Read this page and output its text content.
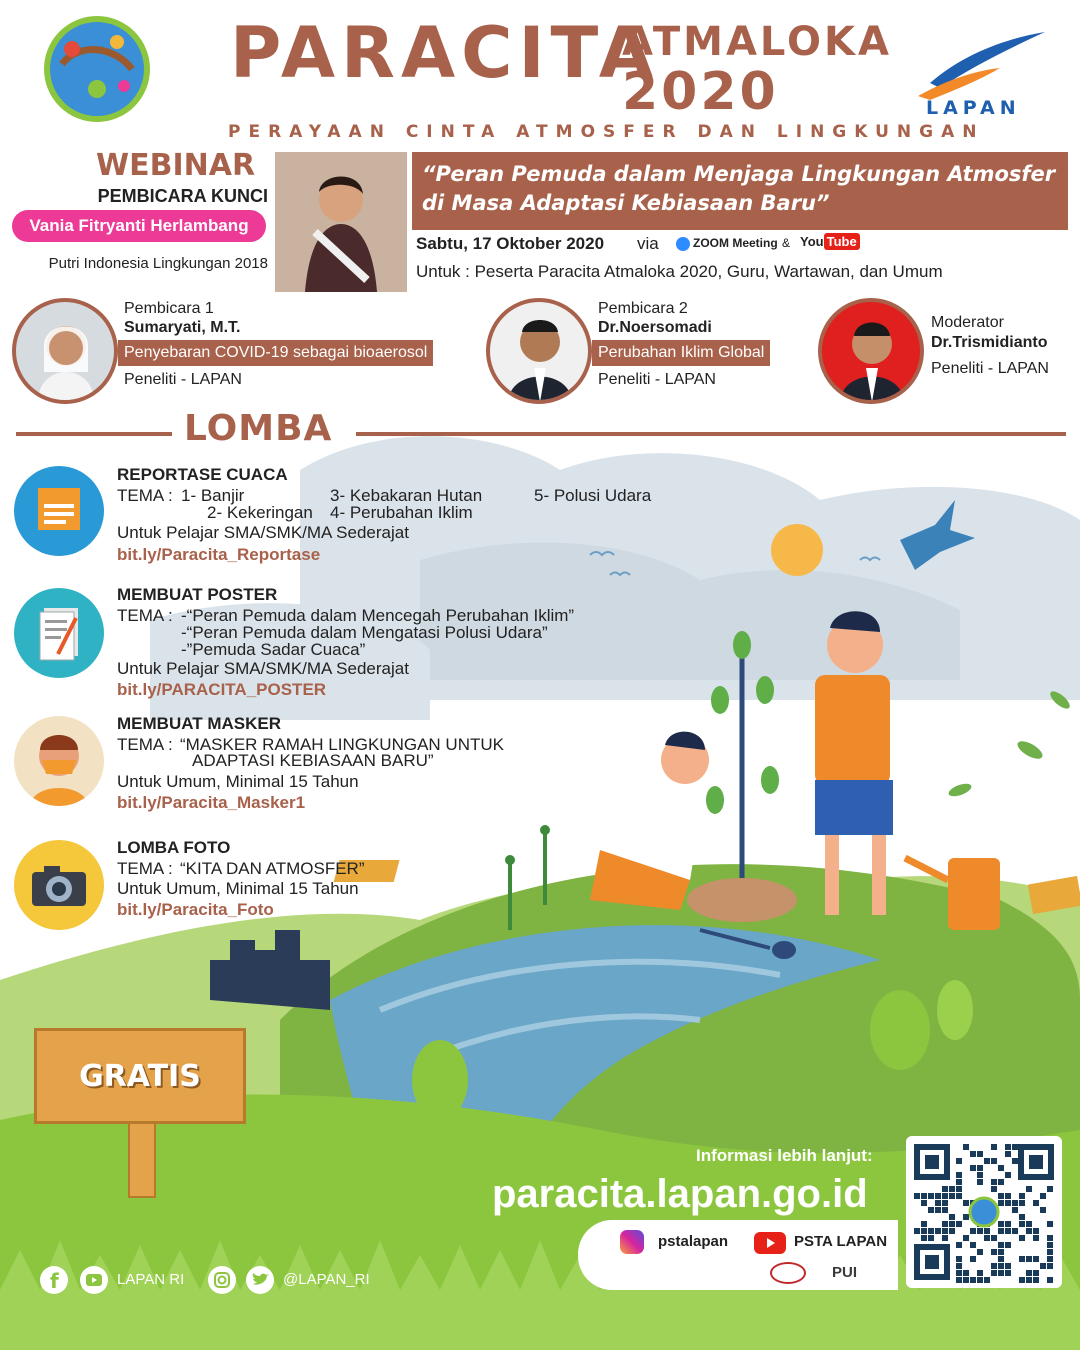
PARACITA
ATMALOKA
2020
PERAYAAN CINTA ATMOSFER DAN LINGKUNGAN
LAPAN
WEBINAR
PEMBICARA KUNCI
Vania Fitryanti Herlambang
Putri Indonesia Lingkungan 2018
“Peran Pemuda dalam Menjaga Lingkungan Atmosfer
di Masa Adaptasi Kebiasaan Baru”
Sabtu, 17 Oktober 2020 via	ZOOM Meeting & You Tube
Untuk : Peserta Paracita Atmaloka 2020, Guru, Wartawan, dan Umum
Pembicara 1
Sumaryati, M.T.
Penyebaran COVID-19 sebagai bioaerosol
Peneliti - LAPAN
Pembicara 2
Dr.Noersomadi
Perubahan Iklim Global
Peneliti - LAPAN
Moderator
Dr.Trismidianto
Peneliti - LAPAN
LOMBA
REPORTASE CUACA
TEMA : 1- Banjir
2- Kekeringan
3- Kebakaran Hutan
4- Perubahan Iklim
5- Polusi Udara
Untuk Pelajar SMA/SMK/MA Sederajat
bit.ly/Paracita_Reportase
MEMBUAT POSTER
TEMA : -“Peran Pemuda dalam Mencegah Perubahan Iklim”
-“Peran Pemuda dalam Mengatasi Polusi Udara”
-”Pemuda Sadar Cuaca”
Untuk Pelajar SMA/SMK/MA Sederajat
bit.ly/PARACITA_POSTER
MEMBUAT MASKER
TEMA : “MASKER RAMAH LINGKUNGAN UNTUK
ADAPTASI KEBIASAAN BARU”
Untuk Umum, Minimal 15 Tahun
bit.ly/Paracita_Masker1
LOMBA FOTO
TEMA : “KITA DAN ATMOSFER”
Untuk Umum, Minimal 15 Tahun
bit.ly/Paracita_Foto
GRATIS
Informasi lebih lanjut:
paracita.lapan.go.id
pstalapan	PSTA LAPAN
PUI
f	LAPAN RI	@LAPAN_RI
